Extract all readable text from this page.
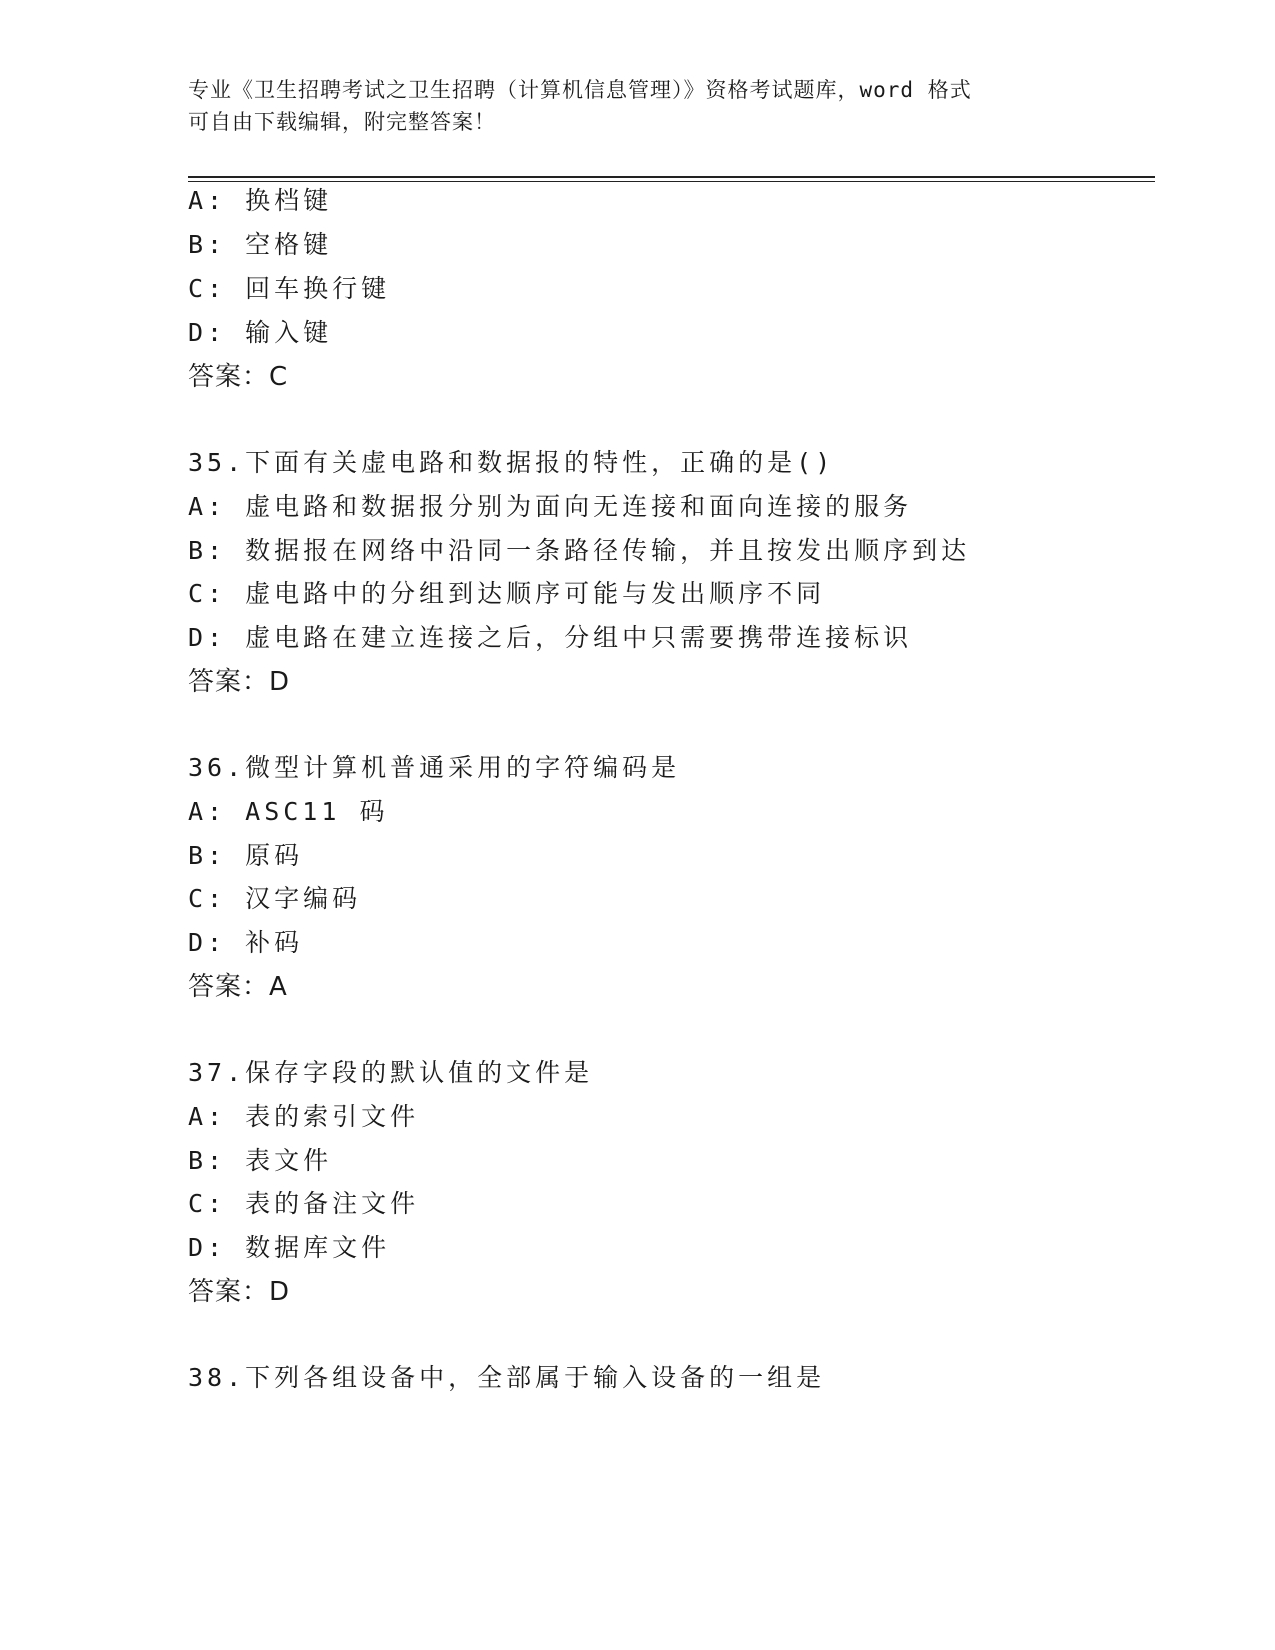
专业《卫生招聘考试之卫生招聘（计算机信息管理）》资格考试题库，word 格式
可自由下载编辑，附完整答案！
A: 换档键
B: 空格键
C: 回车换行键
D: 输入键
答案：C
35.下面有关虚电路和数据报的特性，正确的是()
A: 虚电路和数据报分别为面向无连接和面向连接的服务
B: 数据报在网络中沿同一条路径传输，并且按发出顺序到达
C: 虚电路中的分组到达顺序可能与发出顺序不同
D: 虚电路在建立连接之后，分组中只需要携带连接标识
答案：D
36.微型计算机普通采用的字符编码是
A: ASC11 码
B: 原码
C: 汉字编码
D: 补码
答案：A
37.保存字段的默认值的文件是
A: 表的索引文件
B: 表文件
C: 表的备注文件
D: 数据库文件
答案：D
38.下列各组设备中，全部属于输入设备的一组是
